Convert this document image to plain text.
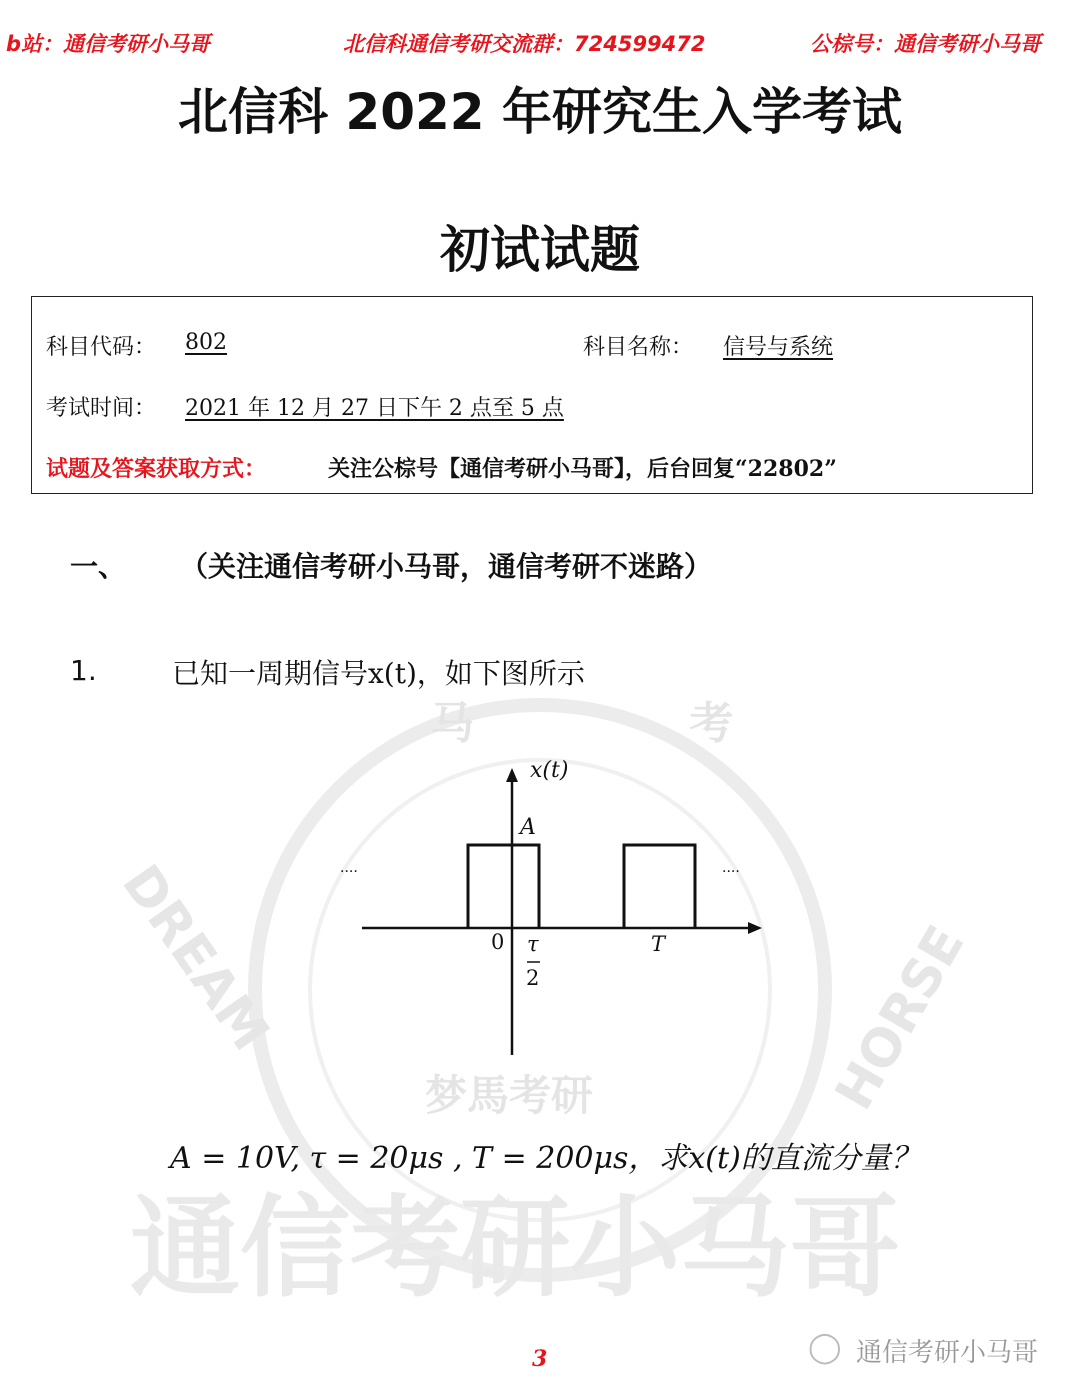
通信考研小马哥
马 考
梦馬考研
DREAM	HORSE
b站：通信考研小马哥	北信科通信考研交流群：724599472	公棕号：通信考研小马哥
北信科 2022 年研究生入学考试
初试试题
科目代码： 802	科目名称： 信号与系统
考试时间： 2021 年 12 月 27 日下午 2 点至 5 点
试题及答案获取方式：	关注公棕号【通信考研小马哥】，后台回复“22802”
一、 （关注通信考研小马哥，通信考研不迷路）
1.	已知一周期信号x(t)，如下图所示
x(t)
A
0 τ
2
T
....	....
A = 10V, τ = 20μs , T = 200μs，求x(t)的直流分量？
3	◯ 通信考研小马哥
